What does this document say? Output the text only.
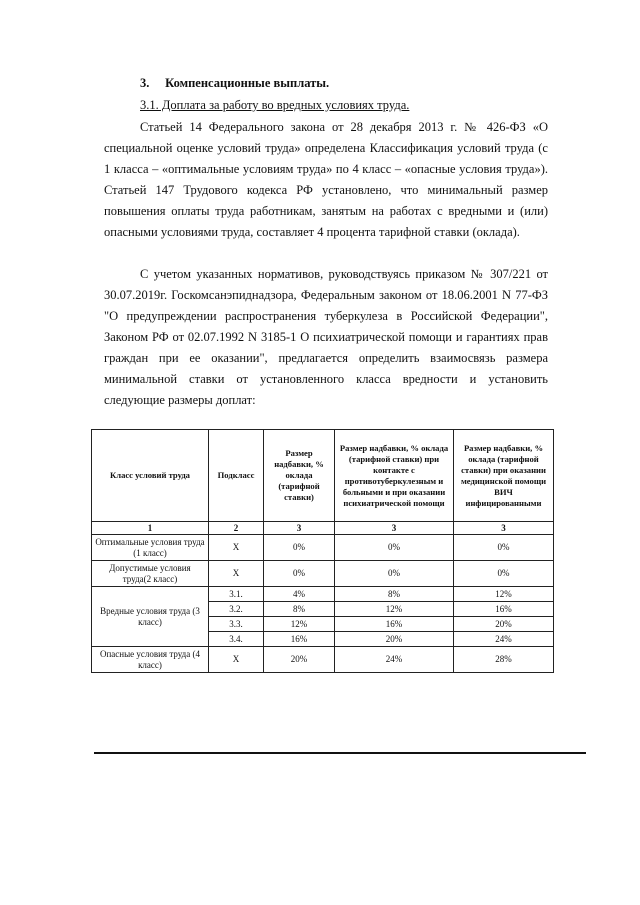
3. Компенсационные выплаты.
3.1. Доплата за работу во вредных условиях труда.

Статьей 14 Федерального закона от 28 декабря 2013 г. № 426-ФЗ «О специальной оценке условий труда» определена Классификация условий труда (с 1 класса – «оптимальные условиям труда» по 4 класс – «опасные условия труда»). Статьей 147 Трудового кодекса РФ установлено, что минимальный размер повышения оплаты труда работникам, занятым на работах с вредными и (или) опасными условиями труда, составляет 4 процента тарифной ставки (оклада).

С учетом указанных нормативов, руководствуясь приказом № 307/221 от 30.07.2019г. Госкомсанэпиднадзора, Федеральным законом от 18.06.2001 N 77-ФЗ "О предупреждении распространения туберкулеза в Российской Федерации", Законом РФ от 02.07.1992 N 3185-1 О психиатрической помощи и гарантиях прав граждан при ее оказании", предлагается определить взаимосвязь размера минимальной ставки от установленного класса вредности и установить следующие размеры доплат:

Класс условий труда	Подкласс	Размер надбавки, % оклада (тарифной ставки)	Размер надбавки, % оклада (тарифной ставки) при контакте с противотуберкулезным и больными и при оказании психиатрической помощи	Размер надбавки, % оклада (тарифной ставки) при оказании медицинской помощи ВИЧ инфицированными
1	2	3	3	3
Оптимальные условия труда (1 класс)	Х	0%	0%	0%
Допустимые условия труда(2 класс)	Х	0%	0%	0%
Вредные условия труда (3 класс)	3.1.	4%	8%	12%
	3.2.	8%	12%	16%
	3.3.	12%	16%	20%
	3.4.	16%	20%	24%
Опасные условия труда (4 класс)	Х	20%	24%	28%
